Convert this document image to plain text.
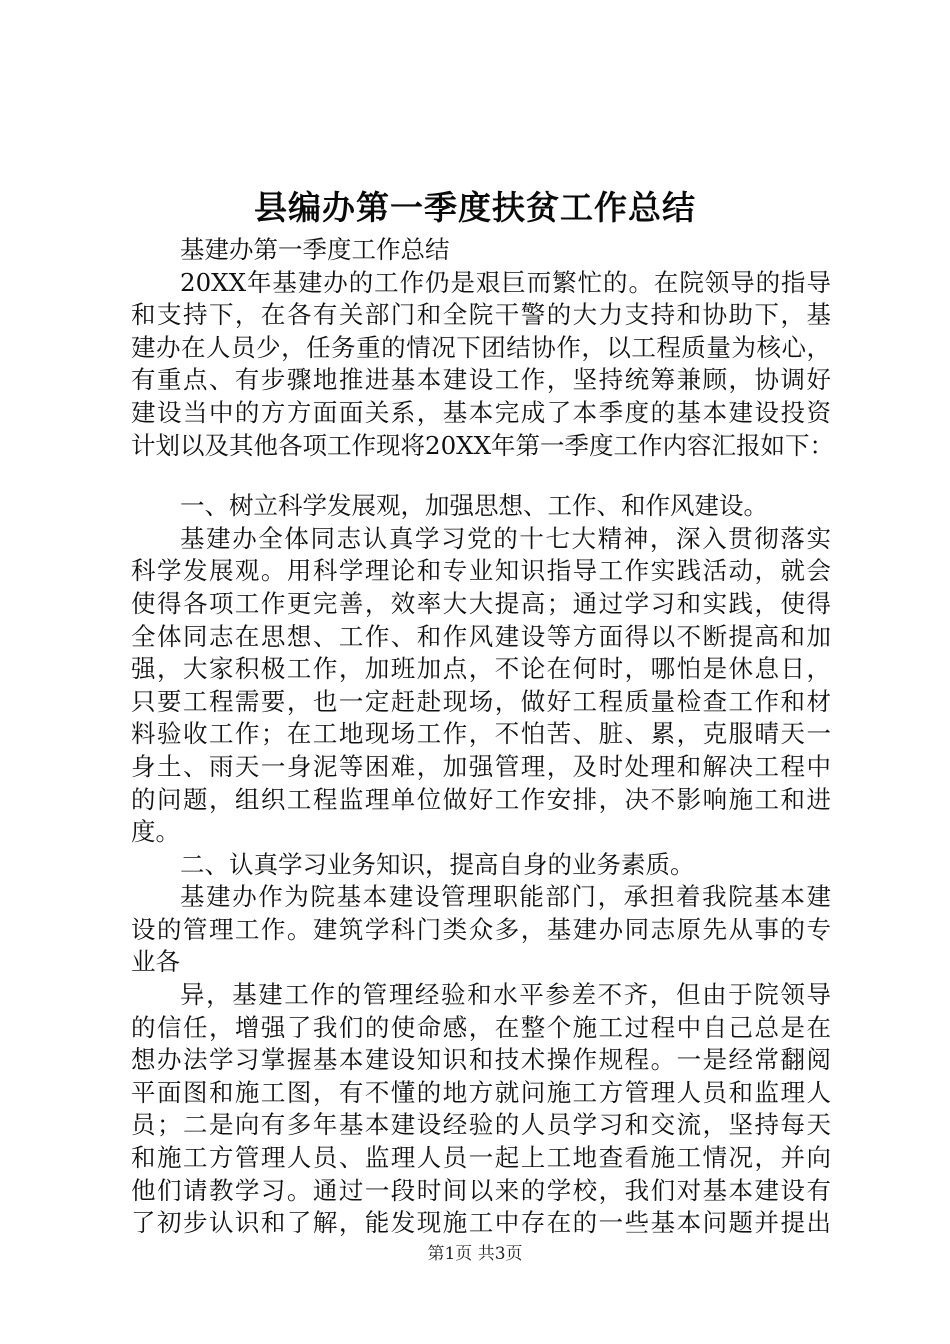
县编办第一季度扶贫工作总结
基建办第一季度工作总结
20XX年基建办的工作仍是艰巨而繁忙的。在院领导的指导
和支持下，在各有关部门和全院干警的大力支持和协助下，基
建办在人员少，任务重的情况下团结协作，以工程质量为核心，
有重点、有步骤地推进基本建设工作，坚持统筹兼顾，协调好
建设当中的方方面面关系，基本完成了本季度的基本建设投资
计划以及其他各项工作现将20XX年第一季度工作内容汇报如下：
一、树立科学发展观，加强思想、工作、和作风建设。
基建办全体同志认真学习党的十七大精神，深入贯彻落实
科学发展观。用科学理论和专业知识指导工作实践活动，就会
使得各项工作更完善，效率大大提高；通过学习和实践，使得
全体同志在思想、工作、和作风建设等方面得以不断提高和加
强，大家积极工作，加班加点，不论在何时，哪怕是休息日，
只要工程需要，也一定赶赴现场，做好工程质量检查工作和材
料验收工作；在工地现场工作，不怕苦、脏、累，克服晴天一
身土、雨天一身泥等困难，加强管理，及时处理和解决工程中
的问题，组织工程监理单位做好工作安排，决不影响施工和进
度。
二、认真学习业务知识，提高自身的业务素质。
基建办作为院基本建设管理职能部门，承担着我院基本建
设的管理工作。建筑学科门类众多，基建办同志原先从事的专
业各
异，基建工作的管理经验和水平参差不齐，但由于院领导
的信任，增强了我们的使命感，在整个施工过程中自己总是在
想办法学习掌握基本建设知识和技术操作规程。一是经常翻阅
平面图和施工图，有不懂的地方就问施工方管理人员和监理人
员；二是向有多年基本建设经验的人员学习和交流，坚持每天
和施工方管理人员、监理人员一起上工地查看施工情况，并向
他们请教学习。通过一段时间以来的学校，我们对基本建设有
了初步认识和了解，能发现施工中存在的一些基本问题并提出
第1页 共3页
